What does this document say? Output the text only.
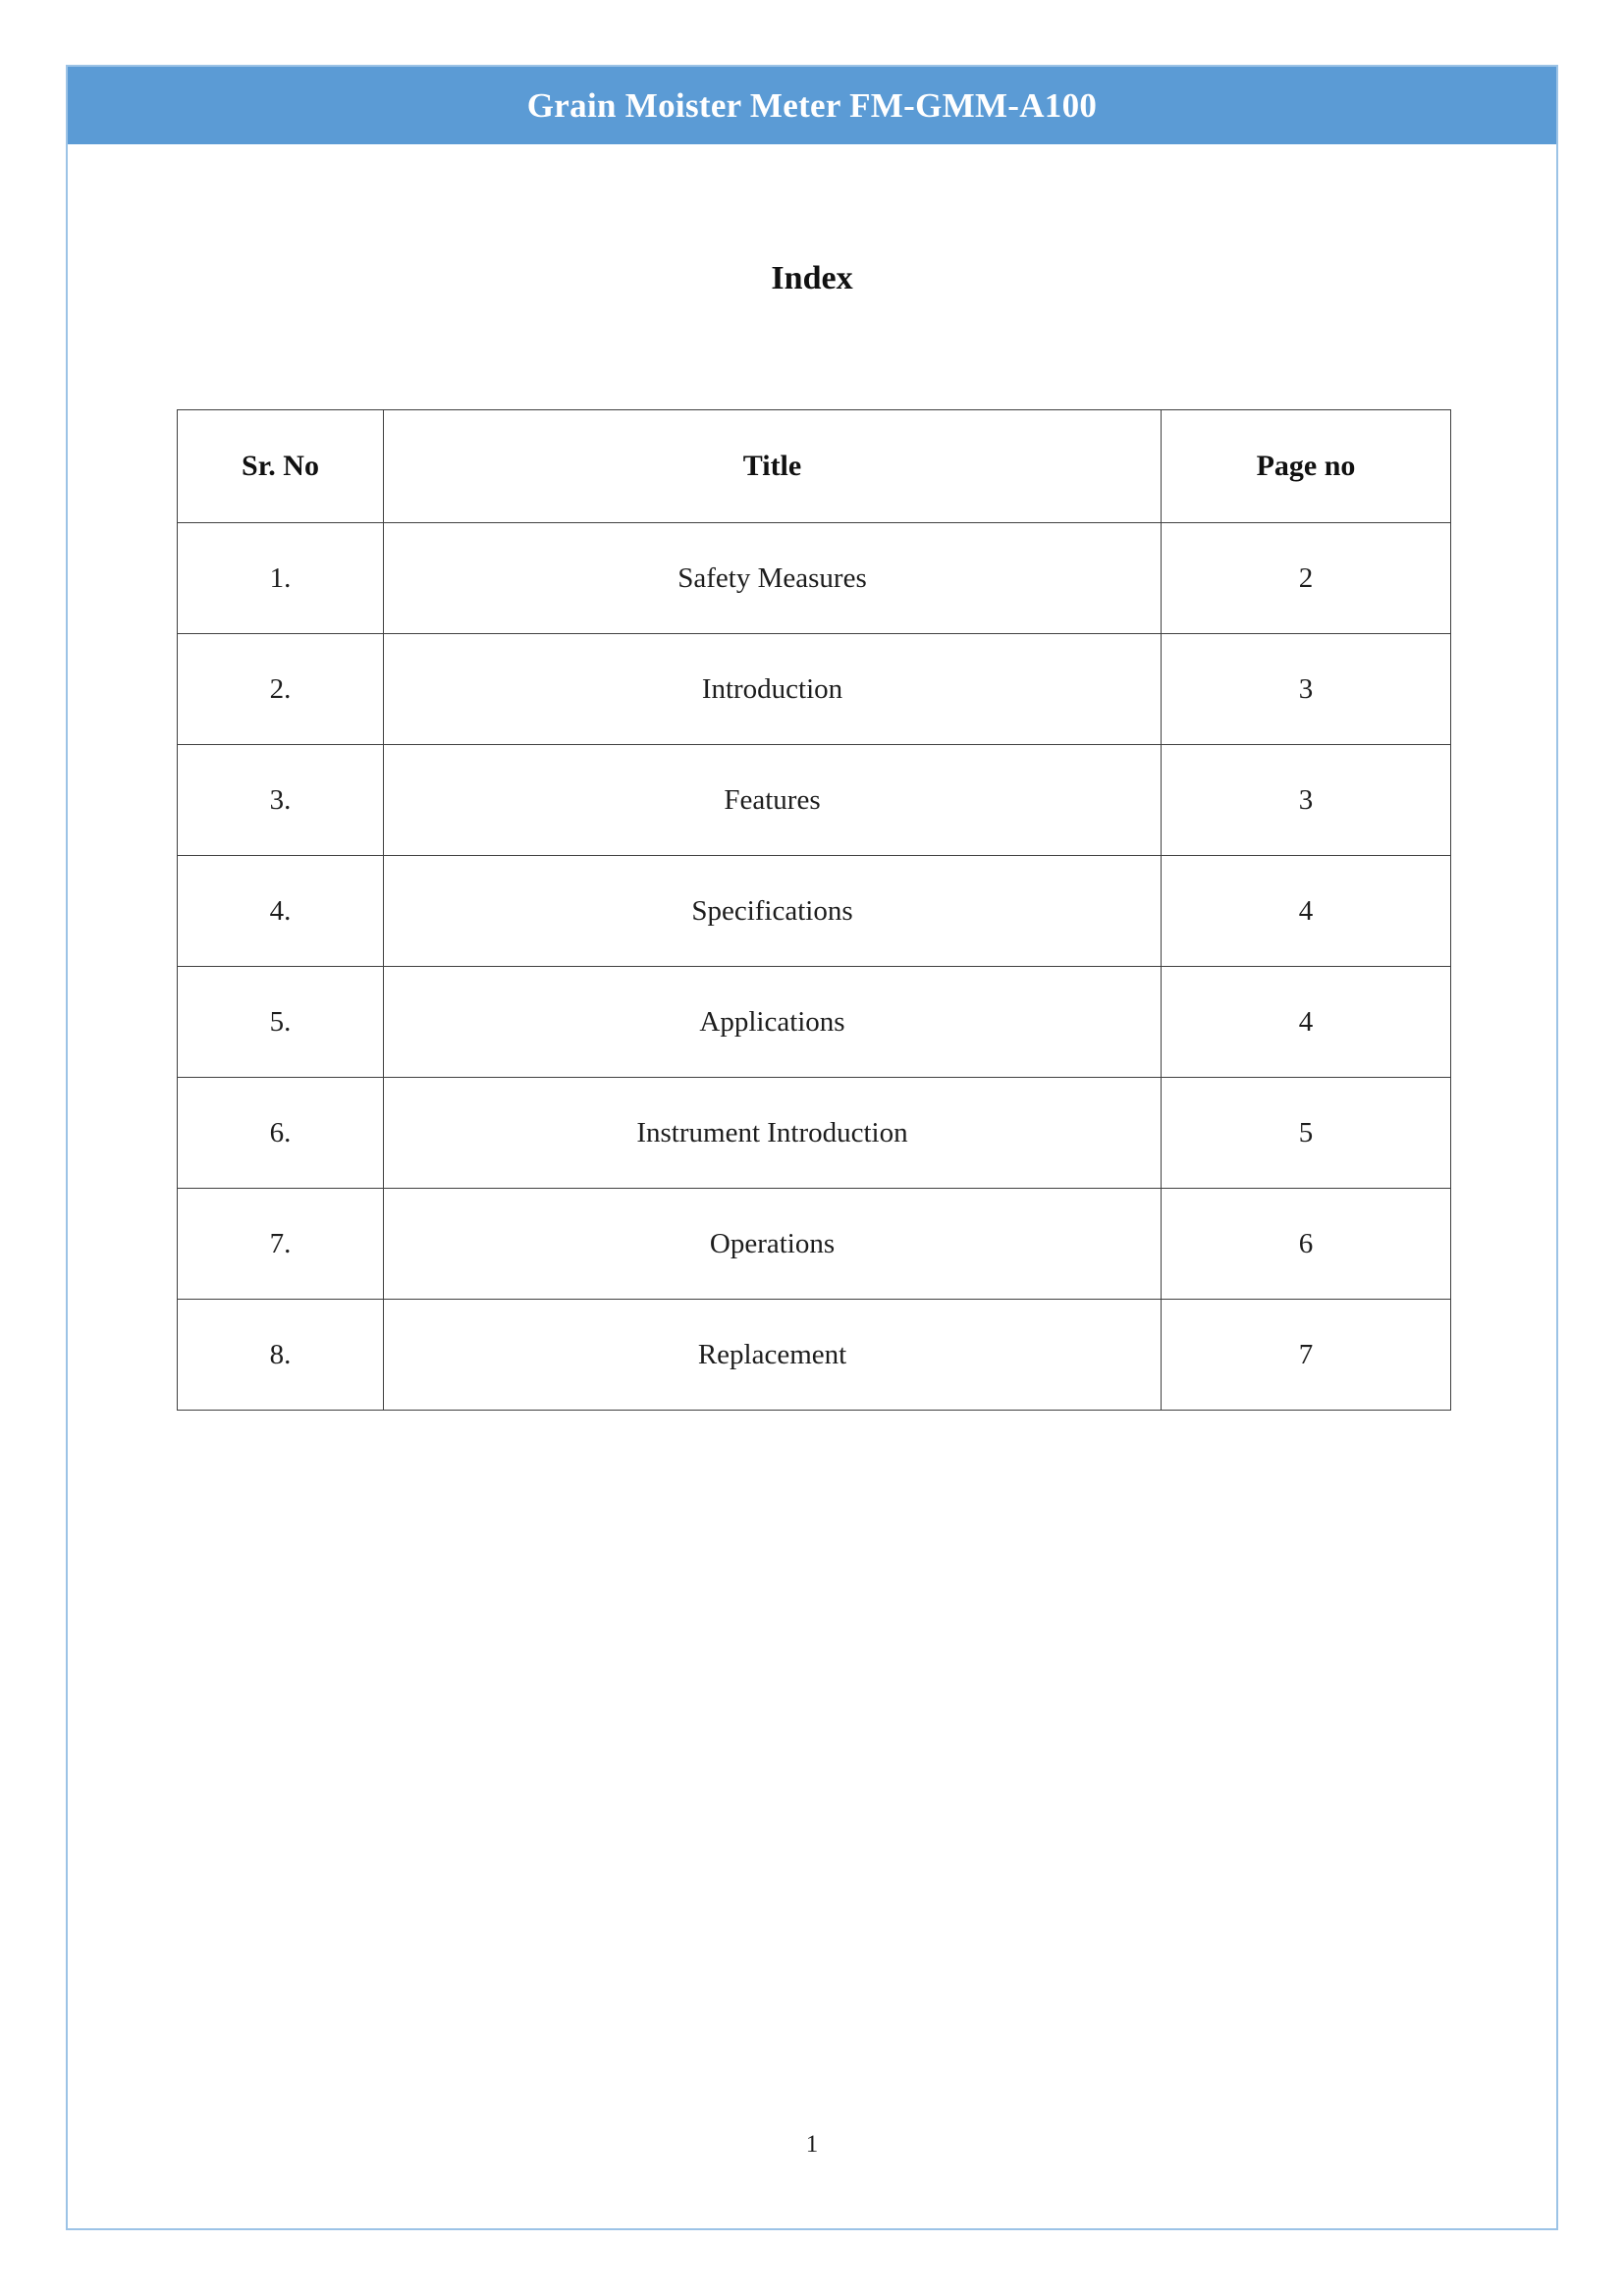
Grain Moister Meter FM-GMM-A100
Index
Sr. No	Title	Page no
1.	Safety Measures	2
2.	Introduction	3
3.	Features	3
4.	Specifications	4
5.	Applications	4
6.	Instrument Introduction	5
7.	Operations	6
8.	Replacement	7
1
